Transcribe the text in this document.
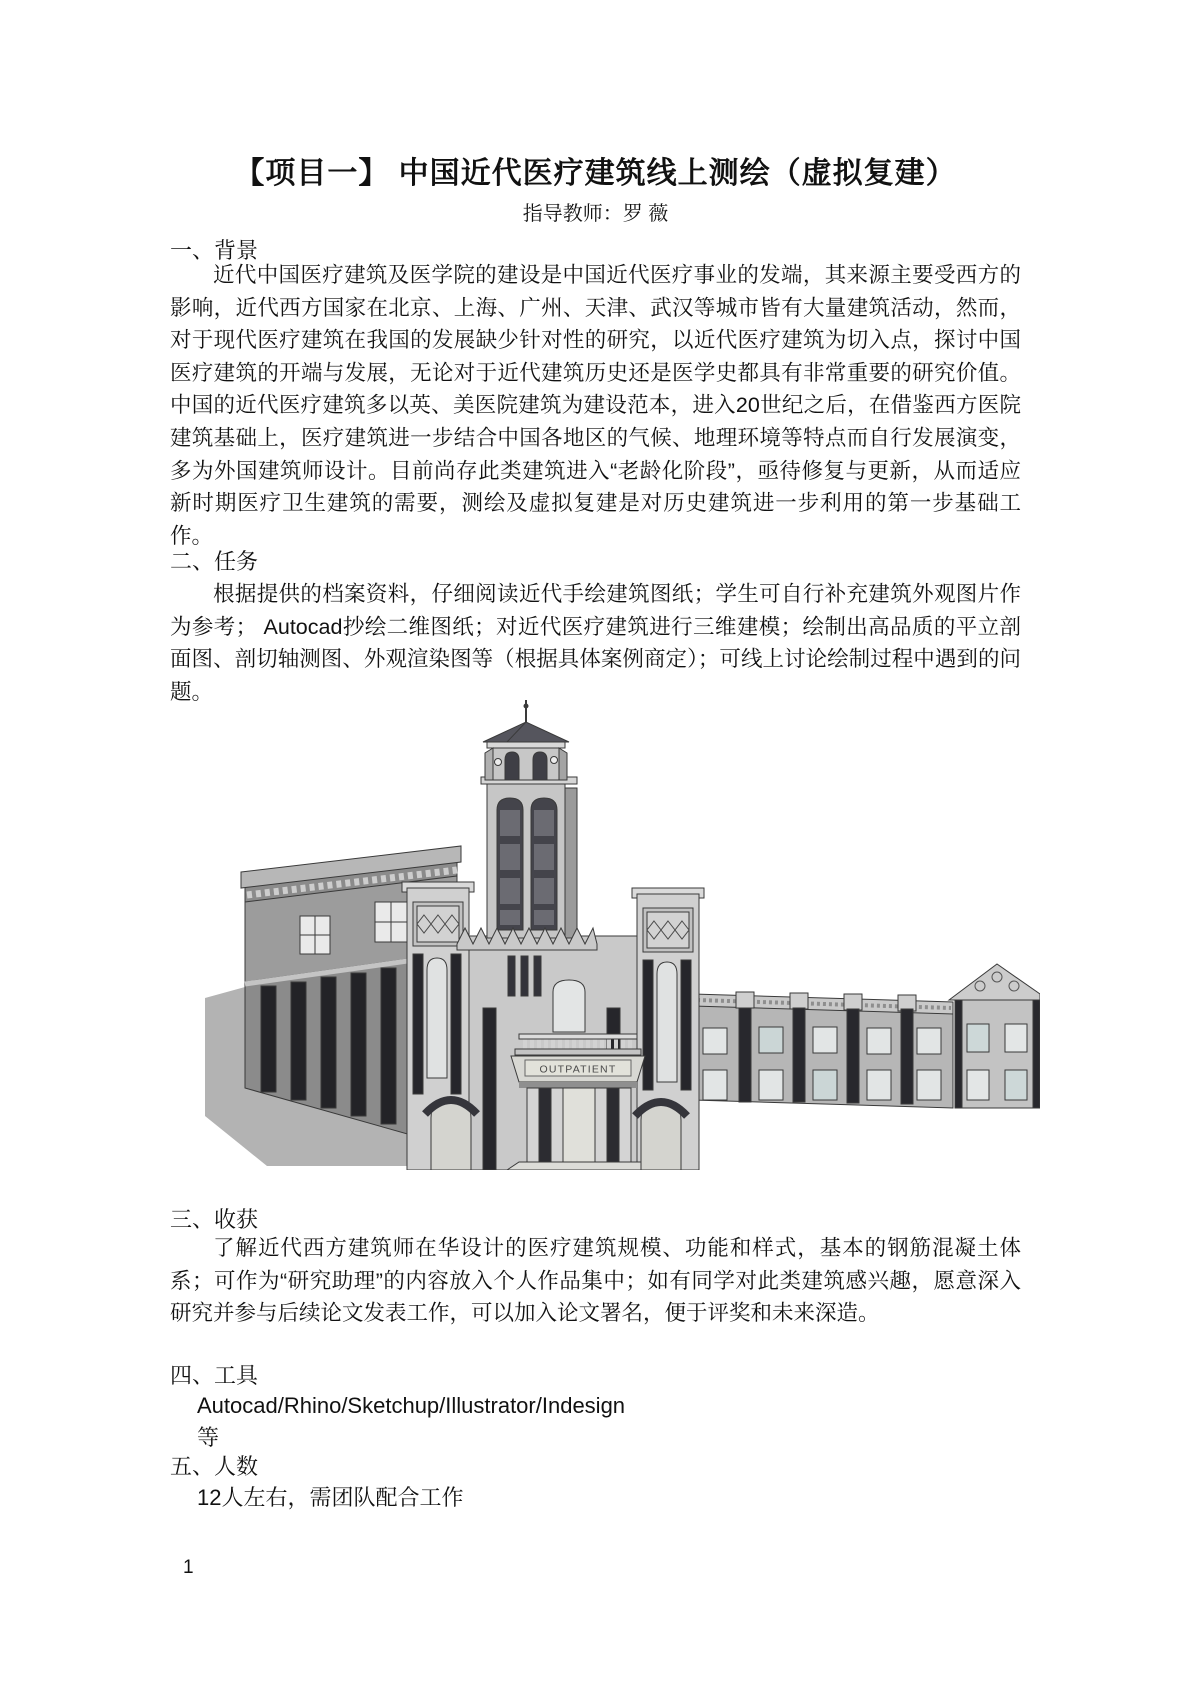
【项目一】 中国近代医疗建筑线上测绘（虚拟复建）
指导教师：罗 薇
一、背景

近代中国医疗建筑及医学院的建设是中国近代医疗事业的发端，其来源主要受西方的影响，近代西方国家在北京、上海、广州、天津、武汉等城市皆有大量建筑活动，然而，对于现代医疗建筑在我国的发展缺少针对性的研究，以近代医疗建筑为切入点，探讨中国医疗建筑的开端与发展，无论对于近代建筑历史还是医学史都具有非常重要的研究价值。中国的近代医疗建筑多以英、美医院建筑为建设范本，进入20世纪之后，在借鉴西方医院建筑基础上，医疗建筑进一步结合中国各地区的气候、地理环境等特点而自行发展演变，多为外国建筑师设计。目前尚存此类建筑进入“老龄化阶段”，亟待修复与更新，从而适应新时期医疗卫生建筑的需要，测绘及虚拟复建是对历史建筑进一步利用的第一步基础工作。

二、任务

根据提供的档案资料，仔细阅读近代手绘建筑图纸；学生可自行补充建筑外观图片作为参考； Autocad抄绘二维图纸；对近代医疗建筑进行三维建模；绘制出高品质的平立剖面图、剖切轴测图、外观渲染图等（根据具体案例商定）；可线上讨论绘制过程中遇到的问题。

OUTPATIENT
三、收获

了解近代西方建筑师在华设计的医疗建筑规模、功能和样式，基本的钢筋混凝土体系；可作为“研究助理”的内容放入个人作品集中；如有同学对此类建筑感兴趣，愿意深入研究并参与后续论文发表工作，可以加入论文署名，便于评奖和未来深造。

四、工具
Autocad/Rhino/Sketchup/Illustrator/Indesign
等
五、人数
12人左右，需团队配合工作
1
